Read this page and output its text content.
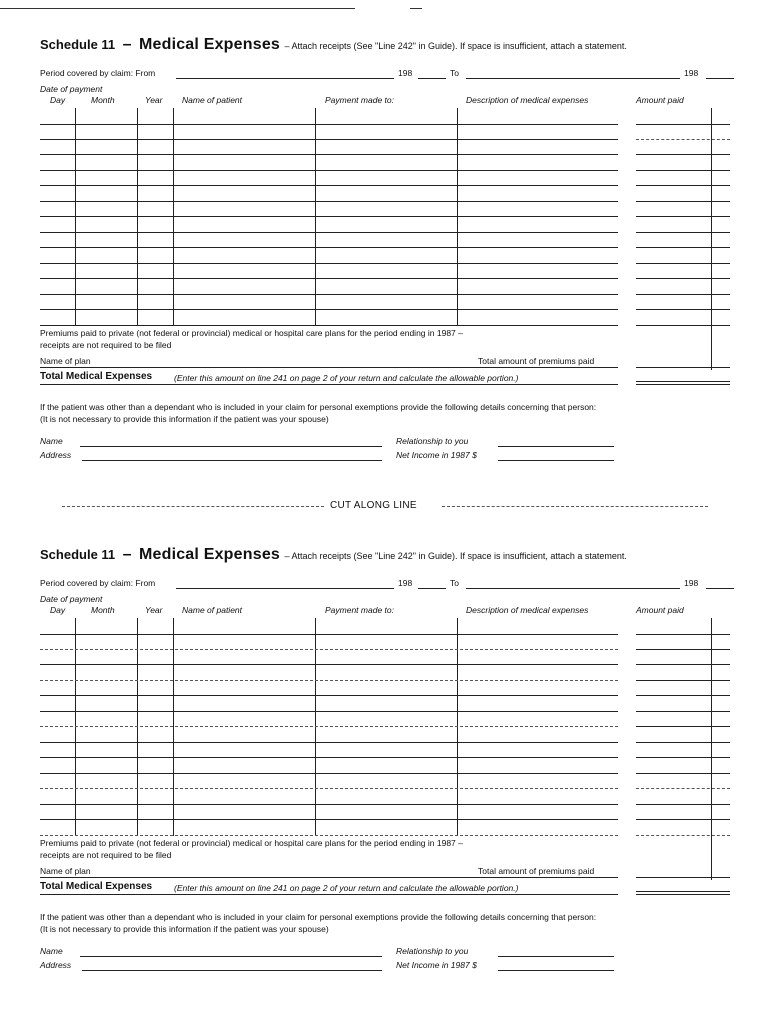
Schedule 11 – Medical Expenses – Attach receipts (See "Line 242" in Guide). If space is insufficient, attach a statement.
Period covered by claim: From	198	To	198
Date of payment
Day	Month	Year Name of patient	Payment made to:	Description of medical expenses	Amount paid
Premiums paid to private (not federal or provincial) medical or hospital care plans for the period ending in 1987 –
receipts are not required to be filed
Name of plan	Total amount of premiums paid
Total Medical Expenses	(Enter this amount on line 241 on page 2 of your return and calculate the allowable portion.)
If the patient was other than a dependant who is included in your claim for personal exemptions provide the following details concerning that person:
(It is not necessary to provide this information if the patient was your spouse)
Name	Relationship to you
Address	Net Income in 1987 $
CUT ALONG LINE
Schedule 11 – Medical Expenses – Attach receipts (See "Line 242" in Guide). If space is insufficient, attach a statement.
Period covered by claim: From	198	To	198
Date of payment
Day	Month	Year Name of patient	Payment made to:	Description of medical expenses	Amount paid
Premiums paid to private (not federal or provincial) medical or hospital care plans for the period ending in 1987 –
receipts are not required to be filed
Name of plan	Total amount of premiums paid
Total Medical Expenses	(Enter this amount on line 241 on page 2 of your return and calculate the allowable portion.)
If the patient was other than a dependant who is included in your claim for personal exemptions provide the following details concerning that person:
(It is not necessary to provide this information if the patient was your spouse)
Name	Relationship to you
Address	Net Income in 1987 $
